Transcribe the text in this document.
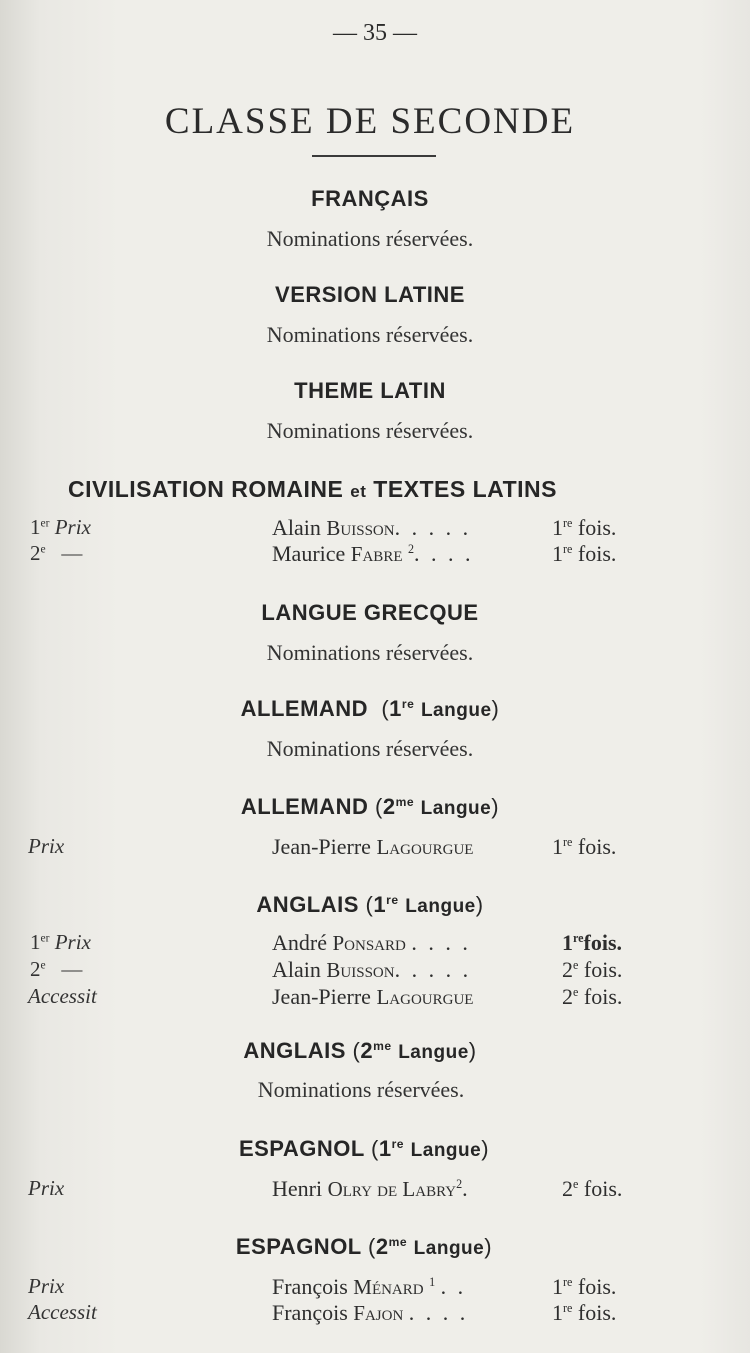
— 35 —
CLASSE DE SECONDE
FRANÇAIS
Nominations réservées.
VERSION LATINE
Nominations réservées.
THEME LATIN
Nominations réservées.
CIVILISATION ROMAINE et TEXTES LATINS
1er Prix	Alain Buisson. . . . .	1re fois.
2e   —	Maurice Fabre $^2$. . . .	1re fois.
LANGUE GRECQUE
Nominations réservées.
ALLEMAND (1re Langue)
Nominations réservées.
ALLEMAND ($2^{me}$ Langue)
Prix	Jean-Pierre Lagourgue	1re fois.
ANGLAIS (1re Langue)
1er Prix	André Ponsard . . . .	1refois.
2e   —	Alain Buisson. . . . .	2e fois.
Accessit	Jean-Pierre Lagourgue	2e fois.
ANGLAIS ($2^{me}$ Langue)
Nominations réservées.
ESPAGNOL (1re Langue)
Prix	Henri Olry de Labry$^2$.	2e fois.
ESPAGNOL ($2^{me}$ Langue)
Prix	François Ménard $^1$ . .	1re fois.
Accessit	François Fajon . . . .	1re fois.
